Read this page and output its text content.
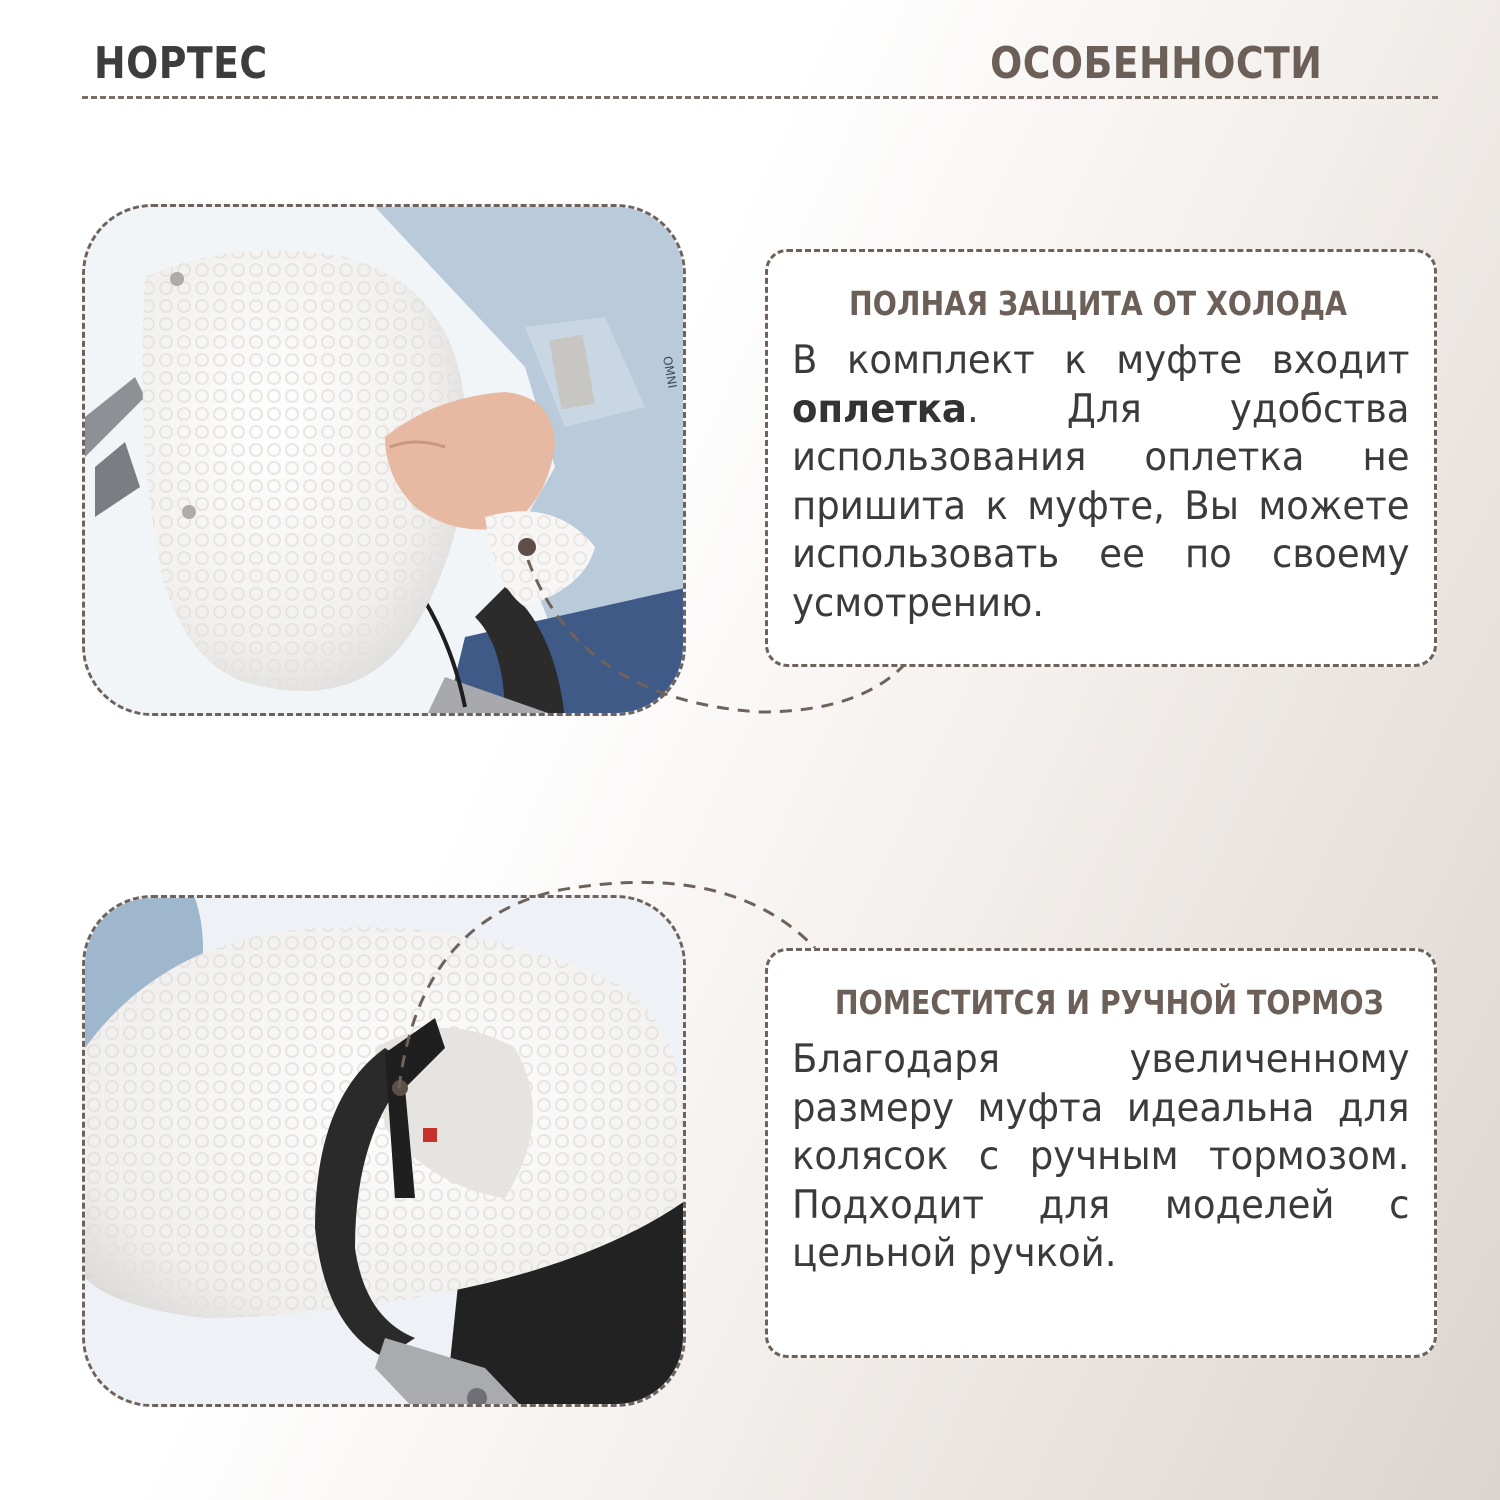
НОРТЕС	ОСОБЕННОСТИ
OMNI
ПОЛНАЯ ЗАЩИТА ОТ ХОЛОДА
В комплект к муфте входит оплетка. Для удобства использования оплетка не пришита к муфте, Вы можете использовать ее по своему усмотрению.
ПОМЕСТИТСЯ И РУЧНОЙ ТОРМОЗ
Благодаря увеличенному размеру муфта идеальна для колясок с ручным тормозом. Подходит для моделей с цельной ручкой.
